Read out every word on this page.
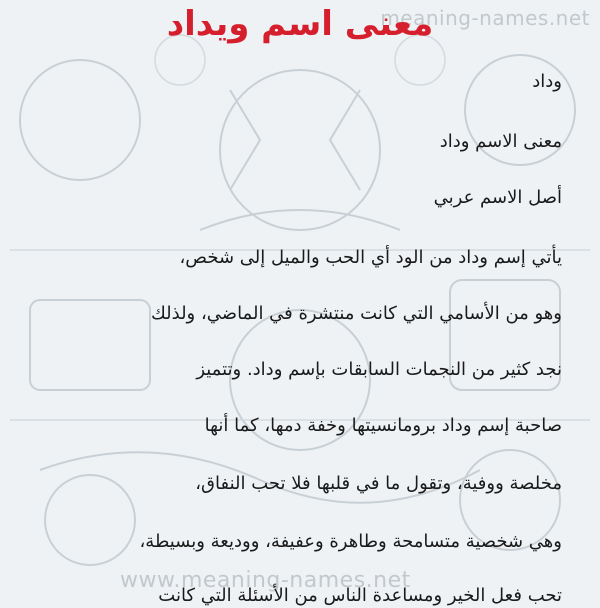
meaning-names.net
www.meaning-names.net
معنى اسم ويداد
وداد
معنى الاسم وداد
أصل الاسم عربي
يأتي إسم وداد من الود أي الحب والميل إلى شخص،
وهو من الأسامي التي كانت منتشرة في الماضي، ولذلك
نجد كثير من النجمات السابقات بإسم وداد. وتتميز
صاحبة إسم وداد برومانسيتها وخفة دمها، كما أنها
مخلصة ووفية، وتقول ما في قلبها فلا تحب النفاق،
وهي شخصية متسامحة وطاهرة وعفيفة، ووديعة وبسيطة،
تحب فعل الخير ومساعدة الناس من الأسئلة التي كانت
